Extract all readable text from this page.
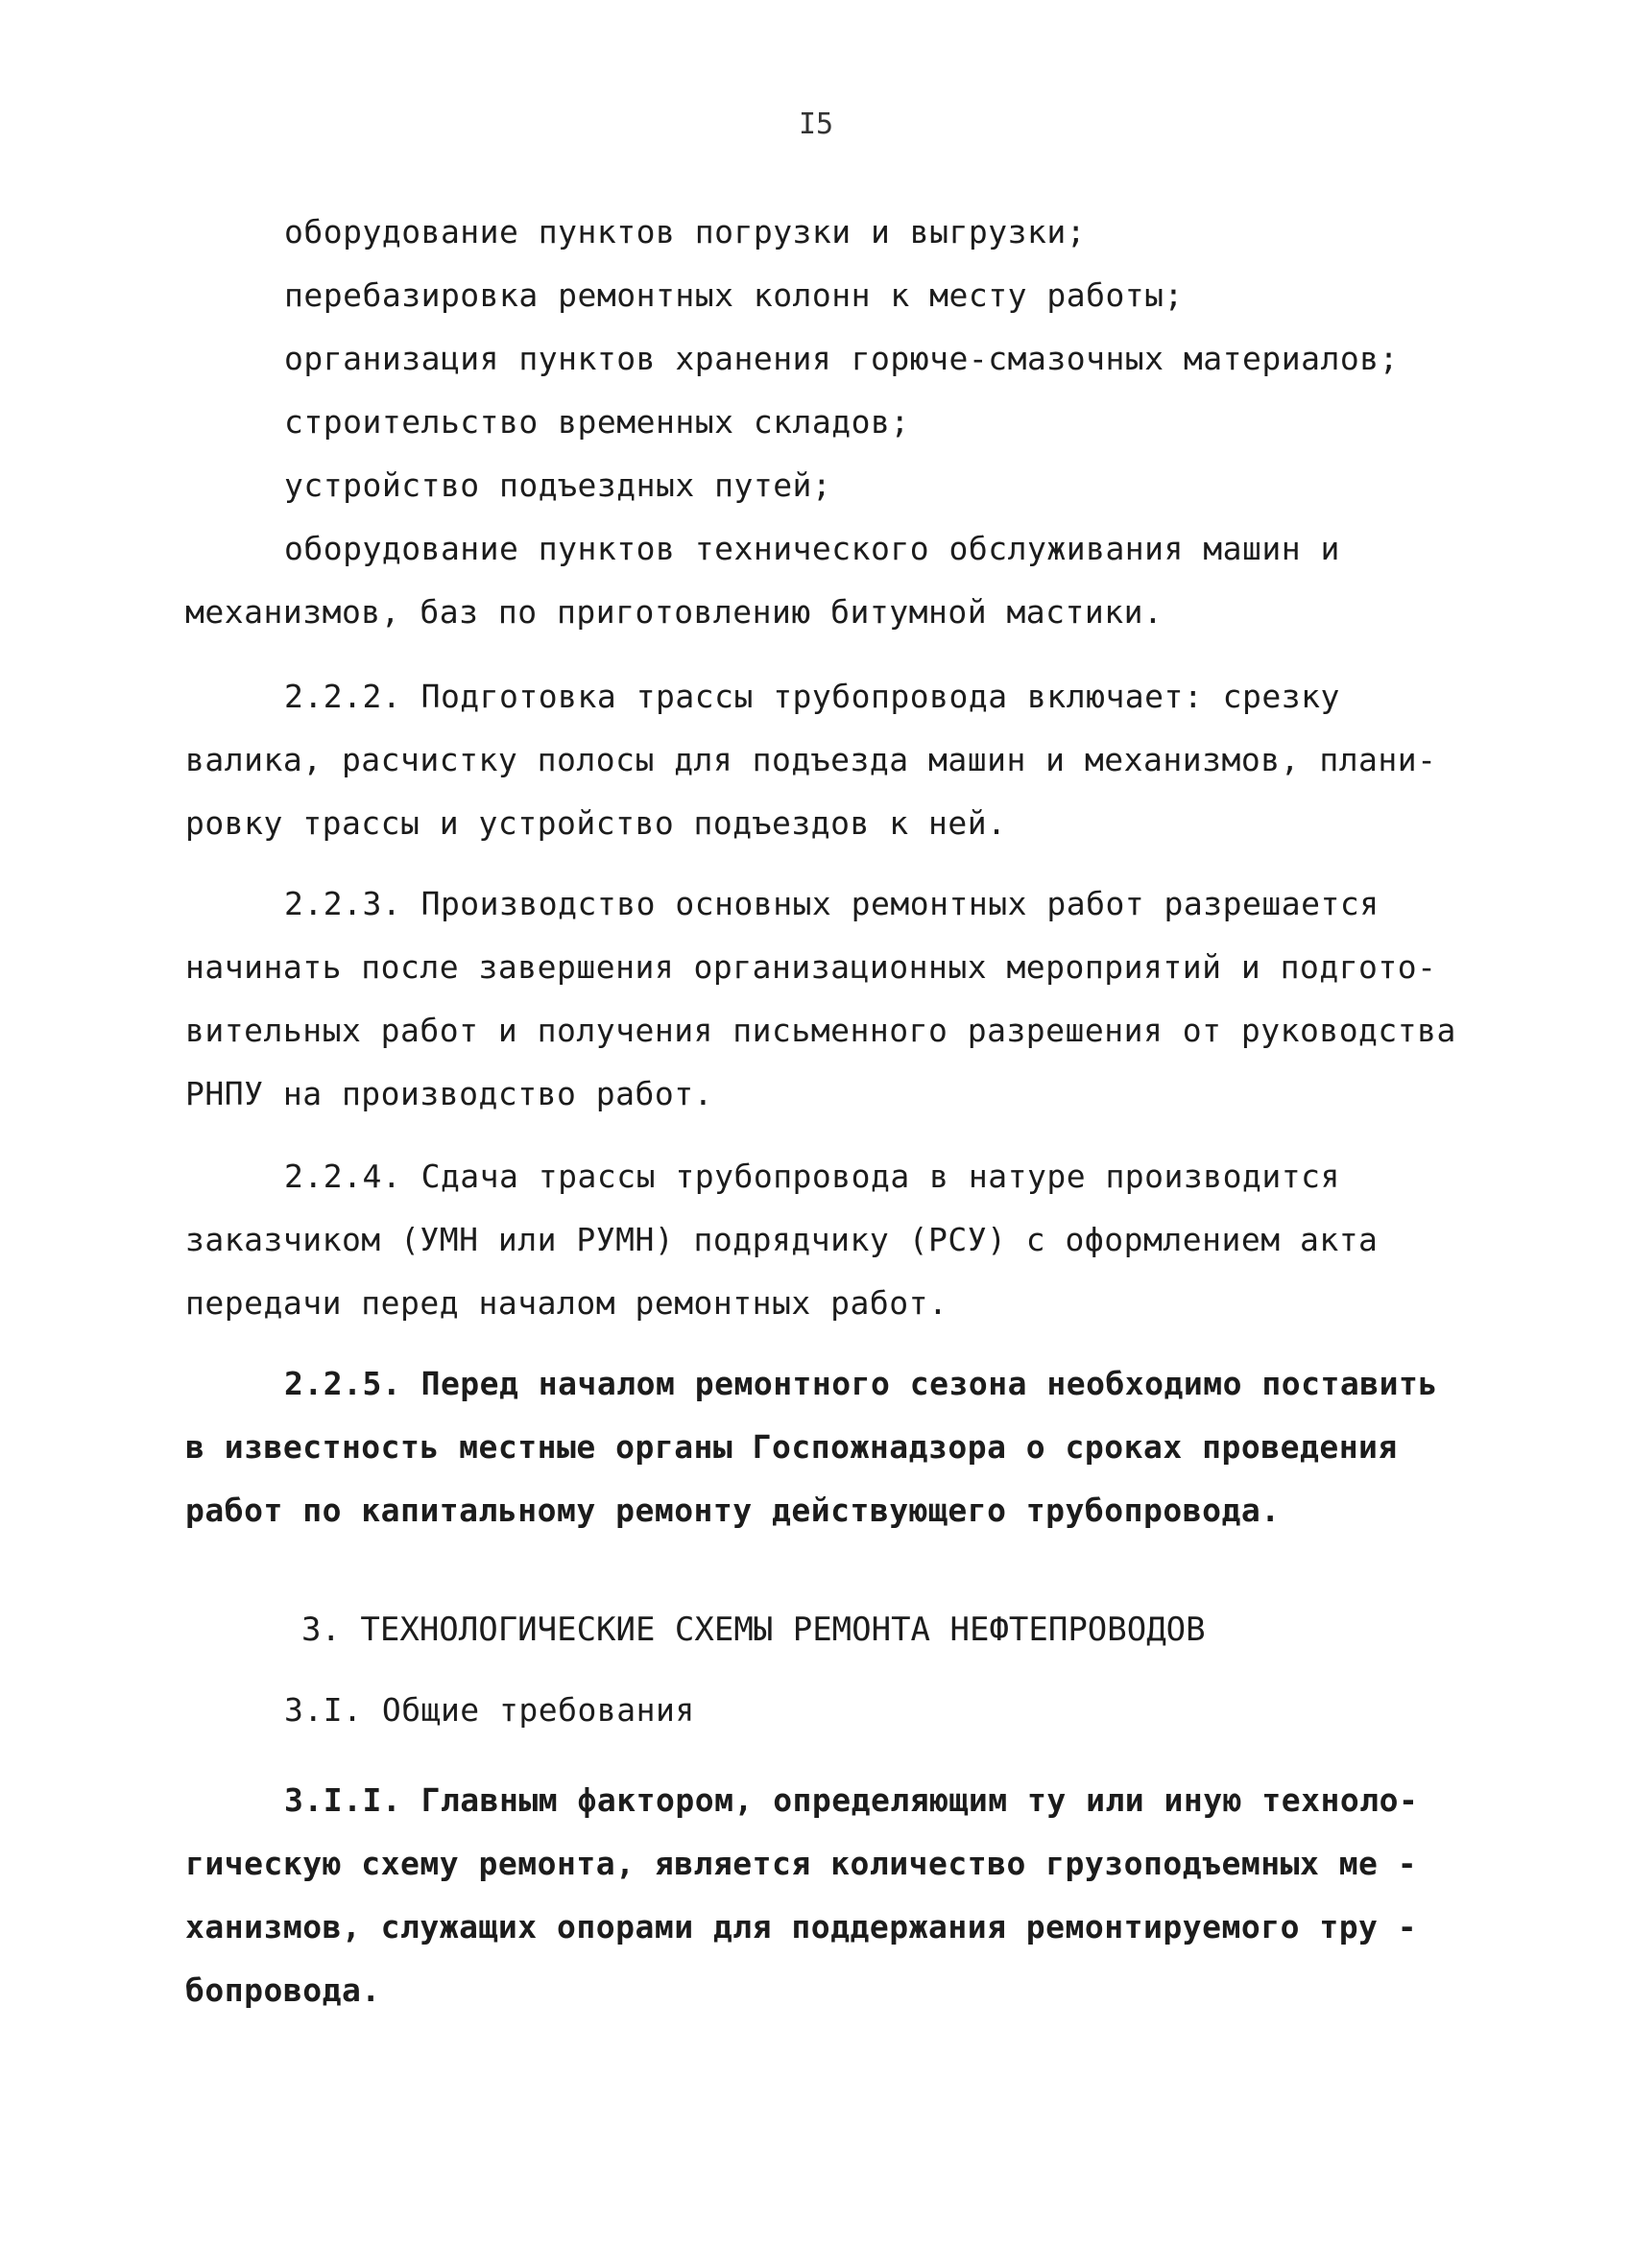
I5
оборудование пунктов погрузки и выгрузки;
перебазировка ремонтных колонн к месту работы;
организация пунктов хранения горюче-смазочных материалов;
строительство временных складов;
устройство подъездных путей;
оборудование пунктов технического обслуживания машин и
механизмов, баз по приготовлению битумной мастики.
2.2.2. Подготовка трассы трубопровода включает: срезку
валика, расчистку полосы для подъезда машин и механизмов, плани-
ровку трассы и устройство подъездов к ней.
2.2.3. Производство основных ремонтных работ разрешается
начинать после завершения организационных мероприятий и подгото-
вительных работ и получения письменного разрешения от руководства
РНПУ на производство работ.
2.2.4. Сдача трассы трубопровода в натуре производится
заказчиком (УМН или РУМН) подрядчику (РСУ) с оформлением акта
передачи перед началом ремонтных работ.
2.2.5. Перед началом ремонтного сезона необходимо поставить
в известность местные органы Госпожнадзора о сроках проведения
работ по капитальному ремонту действующего трубопровода.
3. ТЕХНОЛОГИЧЕСКИЕ СХЕМЫ РЕМОНТА НЕФТЕПРОВОДОВ
3.I. Общие требования
3.I.I. Главным фактором, определяющим ту или иную техноло-
гическую схему ремонта, является количество грузоподъемных ме -
ханизмов, служащих опорами для поддержания ремонтируемого тру -
бопровода.
